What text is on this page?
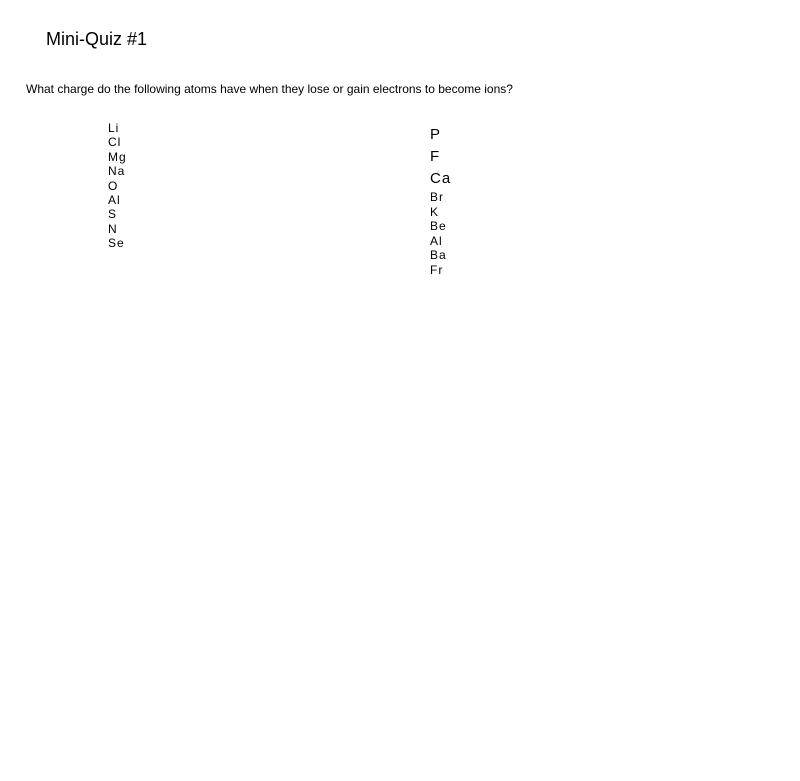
Mini-Quiz #1
What charge do the following atoms have when they lose or gain electrons to become ions?
Li
Cl
Mg
Na
O
Al
S
N
Se
P
F
Ca
Br
K
Be
Al
Ba
Fr
